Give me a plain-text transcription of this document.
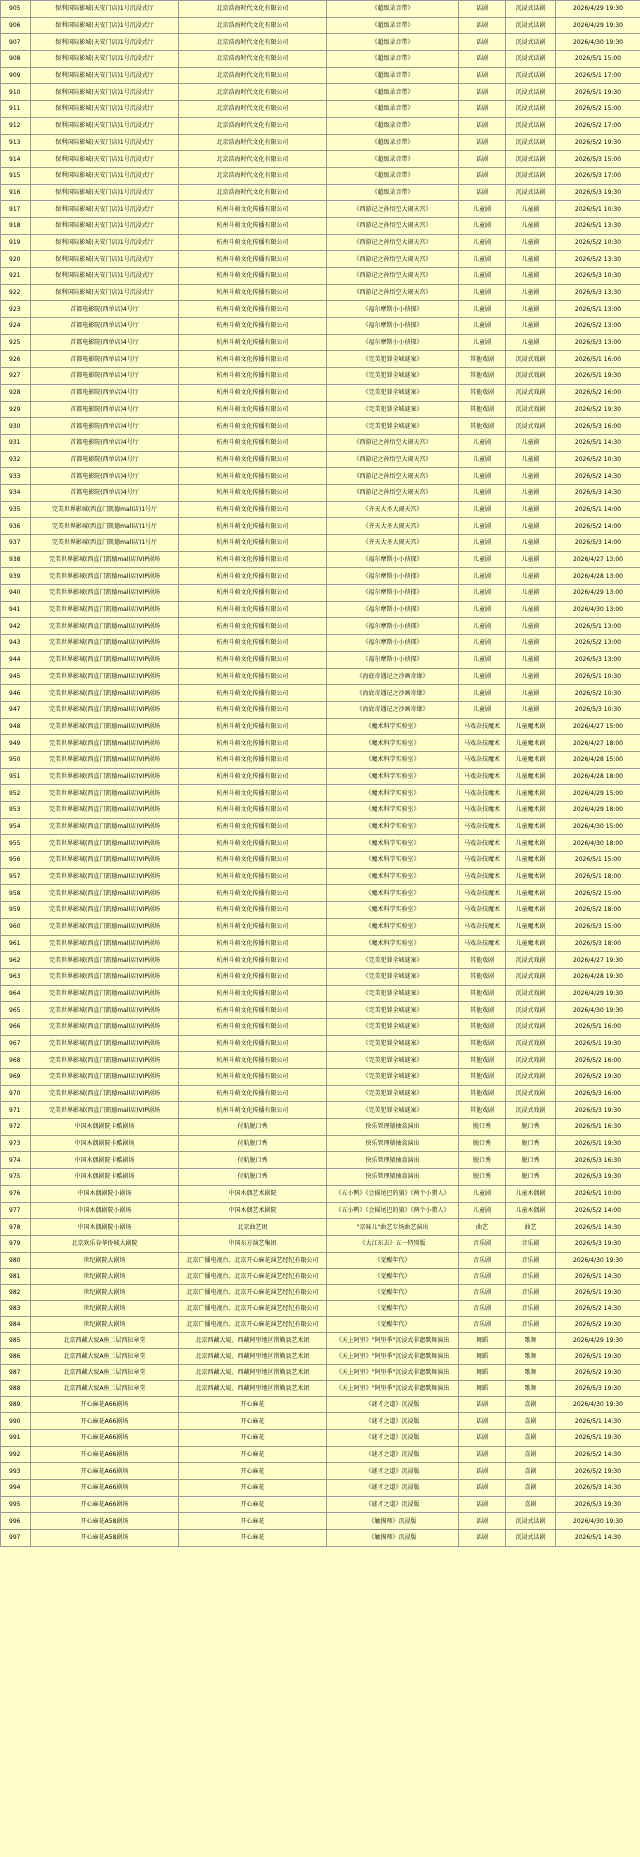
905	保利国际影城(天安门店)1号沉浸式厅	北京浩海时代文化有限公司	《超级录音带》	话剧	沉浸式话剧	2026/4/29 19:30
906	保利国际影城(天安门店)1号沉浸式厅	北京浩海时代文化有限公司	《超级录音带》	话剧	沉浸式话剧	2026/4/29 19:30
907	保利国际影城(天安门店)1号沉浸式厅	北京浩海时代文化有限公司	《超级录音带》	话剧	沉浸式话剧	2026/4/30 19:30
908	保利国际影城(天安门店)1号沉浸式厅	北京浩海时代文化有限公司	《超级录音带》	话剧	沉浸式话剧	2026/5/1 15:00
909	保利国际影城(天安门店)1号沉浸式厅	北京浩海时代文化有限公司	《超级录音带》	话剧	沉浸式话剧	2026/5/1 17:00
910	保利国际影城(天安门店)1号沉浸式厅	北京浩海时代文化有限公司	《超级录音带》	话剧	沉浸式话剧	2026/5/1 19:30
911	保利国际影城(天安门店)1号沉浸式厅	北京浩海时代文化有限公司	《超级录音带》	话剧	沉浸式话剧	2026/5/2 15:00
912	保利国际影城(天安门店)1号沉浸式厅	北京浩海时代文化有限公司	《超级录音带》	话剧	沉浸式话剧	2026/5/2 17:00
913	保利国际影城(天安门店)1号沉浸式厅	北京浩海时代文化有限公司	《超级录音带》	话剧	沉浸式话剧	2026/5/2 19:30
914	保利国际影城(天安门店)1号沉浸式厅	北京浩海时代文化有限公司	《超级录音带》	话剧	沉浸式话剧	2026/5/3 15:00
915	保利国际影城(天安门店)1号沉浸式厅	北京浩海时代文化有限公司	《超级录音带》	话剧	沉浸式话剧	2026/5/3 17:00
916	保利国际影城(天安门店)1号沉浸式厅	北京浩海时代文化有限公司	《超级录音带》	话剧	沉浸式话剧	2026/5/3 19:30
917	保利国际影城(天安门店)1号沉浸式厅	杭州斗萌文化传播有限公司	《西游记之孙悟空大闹天宫》	儿童剧	儿童剧	2026/5/1 10:30
918	保利国际影城(天安门店)1号沉浸式厅	杭州斗萌文化传播有限公司	《西游记之孙悟空大闹天宫》	儿童剧	儿童剧	2026/5/1 13:30
919	保利国际影城(天安门店)1号沉浸式厅	杭州斗萌文化传播有限公司	《西游记之孙悟空大闹天宫》	儿童剧	儿童剧	2026/5/2 10:30
920	保利国际影城(天安门店)1号沉浸式厅	杭州斗萌文化传播有限公司	《西游记之孙悟空大闹天宫》	儿童剧	儿童剧	2026/5/2 13:30
921	保利国际影城(天安门店)1号沉浸式厅	杭州斗萌文化传播有限公司	《西游记之孙悟空大闹天宫》	儿童剧	儿童剧	2026/5/3 10:30
922	保利国际影城(天安门店)1号沉浸式厅	杭州斗萌文化传播有限公司	《西游记之孙悟空大闹天宫》	儿童剧	儿童剧	2026/5/3 13:30
923	首都电影院(西单店)4号厅	杭州斗萌文化传播有限公司	《福尔摩斯小小侦探》	儿童剧	儿童剧	2026/5/1 13:00
924	首都电影院(西单店)4号厅	杭州斗萌文化传播有限公司	《福尔摩斯小小侦探》	儿童剧	儿童剧	2026/5/2 13:00
925	首都电影院(西单店)4号厅	杭州斗萌文化传播有限公司	《福尔摩斯小小侦探》	儿童剧	儿童剧	2026/5/3 13:00
926	首都电影院(西单店)4号厅	杭州斗萌文化传播有限公司	《完美犯罪全城谜案》	其他戏剧	沉浸式戏剧	2026/5/1 16:00
927	首都电影院(西单店)4号厅	杭州斗萌文化传播有限公司	《完美犯罪全城谜案》	其他戏剧	沉浸式戏剧	2026/5/1 19:30
928	首都电影院(西单店)4号厅	杭州斗萌文化传播有限公司	《完美犯罪全城谜案》	其他戏剧	沉浸式戏剧	2026/5/2 16:00
929	首都电影院(西单店)4号厅	杭州斗萌文化传播有限公司	《完美犯罪全城谜案》	其他戏剧	沉浸式戏剧	2026/5/2 19:30
930	首都电影院(西单店)4号厅	杭州斗萌文化传播有限公司	《完美犯罪全城谜案》	其他戏剧	沉浸式戏剧	2026/5/3 16:00
931	首都电影院(西单店)4号厅	杭州斗萌文化传播有限公司	《西游记之孙悟空大闹天宫》	儿童剧	儿童剧	2026/5/1 14:30
932	首都电影院(西单店)4号厅	杭州斗萌文化传播有限公司	《西游记之孙悟空大闹天宫》	儿童剧	儿童剧	2026/5/2 10:30
933	首都电影院(西单店)4号厅	杭州斗萌文化传播有限公司	《西游记之孙悟空大闹天宫》	儿童剧	儿童剧	2026/5/2 14:30
934	首都电影院(西单店)4号厅	杭州斗萌文化传播有限公司	《西游记之孙悟空大闹天宫》	儿童剧	儿童剧	2026/5/3 14:30
935	完美世界影城(西直门凯德mall店)1号厅	杭州斗萌文化传播有限公司	《齐天大圣大闹天宫》	儿童剧	儿童剧	2026/5/1 14:00
936	完美世界影城(西直门凯德mall店)1号厅	杭州斗萌文化传播有限公司	《齐天大圣大闹天宫》	儿童剧	儿童剧	2026/5/2 14:00
937	完美世界影城(西直门凯德mall店)1号厅	杭州斗萌文化传播有限公司	《齐天大圣大闹天宫》	儿童剧	儿童剧	2026/5/3 14:00
938	完美世界影城(西直门凯德mall店)VIP剧场	杭州斗萌文化传播有限公司	《福尔摩斯小小侦探》	儿童剧	儿童剧	2026/4/27 13:00
939	完美世界影城(西直门凯德mall店)VIP剧场	杭州斗萌文化传播有限公司	《福尔摩斯小小侦探》	儿童剧	儿童剧	2026/4/28 13:00
940	完美世界影城(西直门凯德mall店)VIP剧场	杭州斗萌文化传播有限公司	《福尔摩斯小小侦探》	儿童剧	儿童剧	2026/4/29 13:00
941	完美世界影城(西直门凯德mall店)VIP剧场	杭州斗萌文化传播有限公司	《福尔摩斯小小侦探》	儿童剧	儿童剧	2026/4/30 13:00
942	完美世界影城(西直门凯德mall店)VIP剧场	杭州斗萌文化传播有限公司	《福尔摩斯小小侦探》	儿童剧	儿童剧	2026/5/1 13:00
943	完美世界影城(西直门凯德mall店)VIP剧场	杭州斗萌文化传播有限公司	《福尔摩斯小小侦探》	儿童剧	儿童剧	2026/5/2 13:00
944	完美世界影城(西直门凯德mall店)VIP剧场	杭州斗萌文化传播有限公司	《福尔摩斯小小侦探》	儿童剧	儿童剧	2026/5/3 13:00
945	完美世界影城(西直门凯德mall店)VIP剧场	杭州斗萌文化传播有限公司	《海底奇遇记之沙画奇缘》	儿童剧	儿童剧	2026/5/1 10:30
946	完美世界影城(西直门凯德mall店)VIP剧场	杭州斗萌文化传播有限公司	《海底奇遇记之沙画奇缘》	儿童剧	儿童剧	2026/5/2 10:30
947	完美世界影城(西直门凯德mall店)VIP剧场	杭州斗萌文化传播有限公司	《海底奇遇记之沙画奇缘》	儿童剧	儿童剧	2026/5/3 10:30
948	完美世界影城(西直门凯德mall店)VIP剧场	杭州斗萌文化传播有限公司	《魔术科学实验室》	马戏杂技魔术	儿童魔术剧	2026/4/27 15:00
949	完美世界影城(西直门凯德mall店)VIP剧场	杭州斗萌文化传播有限公司	《魔术科学实验室》	马戏杂技魔术	儿童魔术剧	2026/4/27 18:00
950	完美世界影城(西直门凯德mall店)VIP剧场	杭州斗萌文化传播有限公司	《魔术科学实验室》	马戏杂技魔术	儿童魔术剧	2026/4/28 15:00
951	完美世界影城(西直门凯德mall店)VIP剧场	杭州斗萌文化传播有限公司	《魔术科学实验室》	马戏杂技魔术	儿童魔术剧	2026/4/28 18:00
952	完美世界影城(西直门凯德mall店)VIP剧场	杭州斗萌文化传播有限公司	《魔术科学实验室》	马戏杂技魔术	儿童魔术剧	2026/4/29 15:00
953	完美世界影城(西直门凯德mall店)VIP剧场	杭州斗萌文化传播有限公司	《魔术科学实验室》	马戏杂技魔术	儿童魔术剧	2026/4/29 18:00
954	完美世界影城(西直门凯德mall店)VIP剧场	杭州斗萌文化传播有限公司	《魔术科学实验室》	马戏杂技魔术	儿童魔术剧	2026/4/30 15:00
955	完美世界影城(西直门凯德mall店)VIP剧场	杭州斗萌文化传播有限公司	《魔术科学实验室》	马戏杂技魔术	儿童魔术剧	2026/4/30 18:00
956	完美世界影城(西直门凯德mall店)VIP剧场	杭州斗萌文化传播有限公司	《魔术科学实验室》	马戏杂技魔术	儿童魔术剧	2026/5/1 15:00
957	完美世界影城(西直门凯德mall店)VIP剧场	杭州斗萌文化传播有限公司	《魔术科学实验室》	马戏杂技魔术	儿童魔术剧	2026/5/1 18:00
958	完美世界影城(西直门凯德mall店)VIP剧场	杭州斗萌文化传播有限公司	《魔术科学实验室》	马戏杂技魔术	儿童魔术剧	2026/5/2 15:00
959	完美世界影城(西直门凯德mall店)VIP剧场	杭州斗萌文化传播有限公司	《魔术科学实验室》	马戏杂技魔术	儿童魔术剧	2026/5/2 18:00
960	完美世界影城(西直门凯德mall店)VIP剧场	杭州斗萌文化传播有限公司	《魔术科学实验室》	马戏杂技魔术	儿童魔术剧	2026/5/3 15:00
961	完美世界影城(西直门凯德mall店)VIP剧场	杭州斗萌文化传播有限公司	《魔术科学实验室》	马戏杂技魔术	儿童魔术剧	2026/5/3 18:00
962	完美世界影城(西直门凯德mall店)VIP剧场	杭州斗萌文化传播有限公司	《完美犯罪全城谜案》	其他戏剧	沉浸式戏剧	2026/4/27 19:30
963	完美世界影城(西直门凯德mall店)VIP剧场	杭州斗萌文化传播有限公司	《完美犯罪全城谜案》	其他戏剧	沉浸式戏剧	2026/4/28 19:30
964	完美世界影城(西直门凯德mall店)VIP剧场	杭州斗萌文化传播有限公司	《完美犯罪全城谜案》	其他戏剧	沉浸式戏剧	2026/4/29 19:30
965	完美世界影城(西直门凯德mall店)VIP剧场	杭州斗萌文化传播有限公司	《完美犯罪全城谜案》	其他戏剧	沉浸式戏剧	2026/4/30 19:30
966	完美世界影城(西直门凯德mall店)VIP剧场	杭州斗萌文化传播有限公司	《完美犯罪全城谜案》	其他戏剧	沉浸式戏剧	2026/5/1 16:00
967	完美世界影城(西直门凯德mall店)VIP剧场	杭州斗萌文化传播有限公司	《完美犯罪全城谜案》	其他戏剧	沉浸式戏剧	2026/5/1 19:30
968	完美世界影城(西直门凯德mall店)VIP剧场	杭州斗萌文化传播有限公司	《完美犯罪全城谜案》	其他戏剧	沉浸式戏剧	2026/5/2 16:00
969	完美世界影城(西直门凯德mall店)VIP剧场	杭州斗萌文化传播有限公司	《完美犯罪全城谜案》	其他戏剧	沉浸式戏剧	2026/5/2 19:30
970	完美世界影城(西直门凯德mall店)VIP剧场	杭州斗萌文化传播有限公司	《完美犯罪全城谜案》	其他戏剧	沉浸式戏剧	2026/5/3 16:00
971	完美世界影城(西直门凯德mall店)VIP剧场	杭州斗萌文化传播有限公司	《完美犯罪全城谜案》	其他戏剧	沉浸式戏剧	2026/5/3 19:30
972	中国木偶剧院卡酷剧场	付航脱口秀	快乐管理猿抽盒演出	脱口秀	脱口秀	2026/5/1 16:30
973	中国木偶剧院卡酷剧场	付航脱口秀	快乐管理猿抽盒演出	脱口秀	脱口秀	2026/5/1 19:30
974	中国木偶剧院卡酷剧场	付航脱口秀	快乐管理猿抽盒演出	脱口秀	脱口秀	2026/5/3 16:30
975	中国木偶剧院卡酷剧场	付航脱口秀	快乐管理猿抽盒演出	脱口秀	脱口秀	2026/5/3 19:30
976	中国木偶剧院小剧场	中国木偶艺术剧院	《五小鸭》《会摇尾巴的狼》《两个小猎人》	儿童剧	儿童木偶剧	2026/5/1 10:00
977	中国木偶剧院小剧场	中国木偶艺术剧院	《五小鸭》《会摇尾巴的狼》《两个小猎人》	儿童剧	儿童木偶剧	2026/5/2 14:00
978	中国木偶剧院小剧场	北京曲艺团	"京味儿"曲艺专场曲艺演出	曲艺	曲艺	2026/5/1 14:30
979	北京欢乐谷华侨城大剧院	中国东方演艺集团	《大江东去》五一特别版	音乐剧	音乐剧	2026/5/3 19:30
980	世纪剧院大剧场	北京广播电视台、北京开心麻花演艺经纪有限公司	《觉醒年代》	音乐剧	音乐剧	2026/4/30 19:30
981	世纪剧院大剧场	北京广播电视台、北京开心麻花演艺经纪有限公司	《觉醒年代》	音乐剧	音乐剧	2026/5/1 14:30
982	世纪剧院大剧场	北京广播电视台、北京开心麻花演艺经纪有限公司	《觉醒年代》	音乐剧	音乐剧	2026/5/1 19:30
983	世纪剧院大剧场	北京广播电视台、北京开心麻花演艺经纪有限公司	《觉醒年代》	音乐剧	音乐剧	2026/5/2 14:30
984	世纪剧院大剧场	北京广播电视台、北京开心麻花演艺经纪有限公司	《觉醒年代》	音乐剧	音乐剧	2026/5/2 19:30
985	北京西藏大厦A座二层西拉章堂	北京西藏大厦、西藏阿里地区措勤县艺术团	《天上阿里》"阿里季"沉浸式非遗歌舞演出	舞蹈	歌舞	2026/4/29 19:30
986	北京西藏大厦A座二层西拉章堂	北京西藏大厦、西藏阿里地区措勤县艺术团	《天上阿里》"阿里季"沉浸式非遗歌舞演出	舞蹈	歌舞	2026/5/1 19:30
987	北京西藏大厦A座二层西拉章堂	北京西藏大厦、西藏阿里地区措勤县艺术团	《天上阿里》"阿里季"沉浸式非遗歌舞演出	舞蹈	歌舞	2026/5/2 19:30
988	北京西藏大厦A座二层西拉章堂	北京西藏大厦、西藏阿里地区措勤县艺术团	《天上阿里》"阿里季"沉浸式非遗歌舞演出	舞蹈	歌舞	2026/5/3 19:30
989	开心麻花A66剧场	开心麻花	《谜才之道》沉浸版	话剧	喜剧	2026/4/30 19:30
990	开心麻花A66剧场	开心麻花	《谜才之道》沉浸版	话剧	喜剧	2026/5/1 14:30
991	开心麻花A66剧场	开心麻花	《谜才之道》沉浸版	话剧	喜剧	2026/5/1 19:30
992	开心麻花A66剧场	开心麻花	《谜才之道》沉浸版	话剧	喜剧	2026/5/2 14:30
993	开心麻花A66剧场	开心麻花	《谜才之道》沉浸版	话剧	喜剧	2026/5/2 19:30
994	开心麻花A66剧场	开心麻花	《谜才之道》沉浸版	话剧	喜剧	2026/5/3 14:30
995	开心麻花A66剧场	开心麻花	《谜才之道》沉浸版	话剧	喜剧	2026/5/3 19:30
996	开心麻花A58剧场	开心麻花	《触摸师》沉浸版	话剧	沉浸式话剧	2026/4/30 19:30
997	开心麻花A58剧场	开心麻花	《触摸师》沉浸版	话剧	沉浸式话剧	2026/5/1 14:30
